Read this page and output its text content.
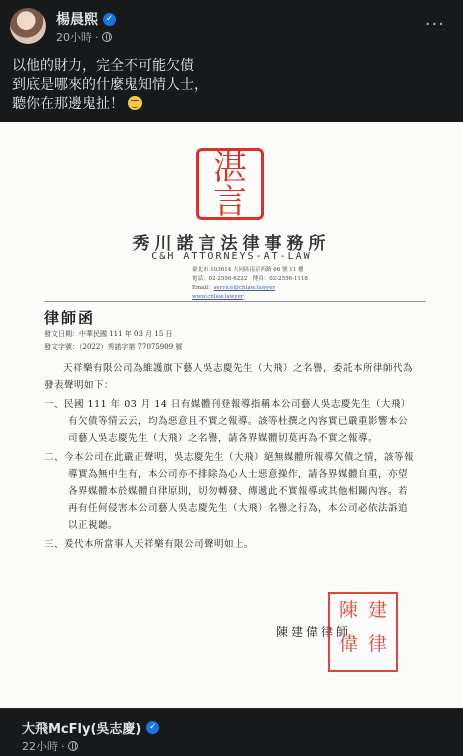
楊晨熙 ✓
20小時 ·
···
以他的財力，完全不可能欠債
到底是哪來的什麼鬼知情人士，
聽你在那邊鬼扯！
湛
言
秀川諾言法律事務所
C&H ATTORNEYS-AT-LAW
臺北市 103614 大同區南京西路 66 號 11 樓
電話：02-2556-6222　傳真：02-2556-1118
Email：service@chlaw.lawyer
www.chlaw.lawyer
律師函
發文日期：中華民國 111 年 03 月 15 日
發文字號：（2022）秀諾字第 77075909 號

天祥樂有限公司為維護旗下藝人吳志慶先生（大飛）之名譽，委託本所律師代為發表聲明如下：

一、民國 111 年 03 月 14 日有媒體刊登報導指稱本公司藝人吳志慶先生（大飛）有欠債等情云云，均為惡意且不實之報導。該等杜撰之內容實已嚴重影響本公司藝人吳志慶先生（大飛）之名譽，請各界媒體切莫再為不實之報導。

二、今本公司在此嚴正聲明，吳志慶先生（大飛）絕無媒體所報導欠債之情，該等報導實為無中生有，本公司亦不排除為心人士惡意操作，請各界媒體自重，亦望各界媒體本於媒體自律原則，切勿轉發、傳遞此不實報導或其他相關內容。若再有任何侵害本公司藝人吳志慶先生（大飛）名譽之行為，本公司必依法訴追以正視聽。

三、爰代本所當事人天祥樂有限公司聲明如上。

陳建偉律師
陳 建
偉 律
大飛McFly(吳志慶) ✓
22小時 ·
